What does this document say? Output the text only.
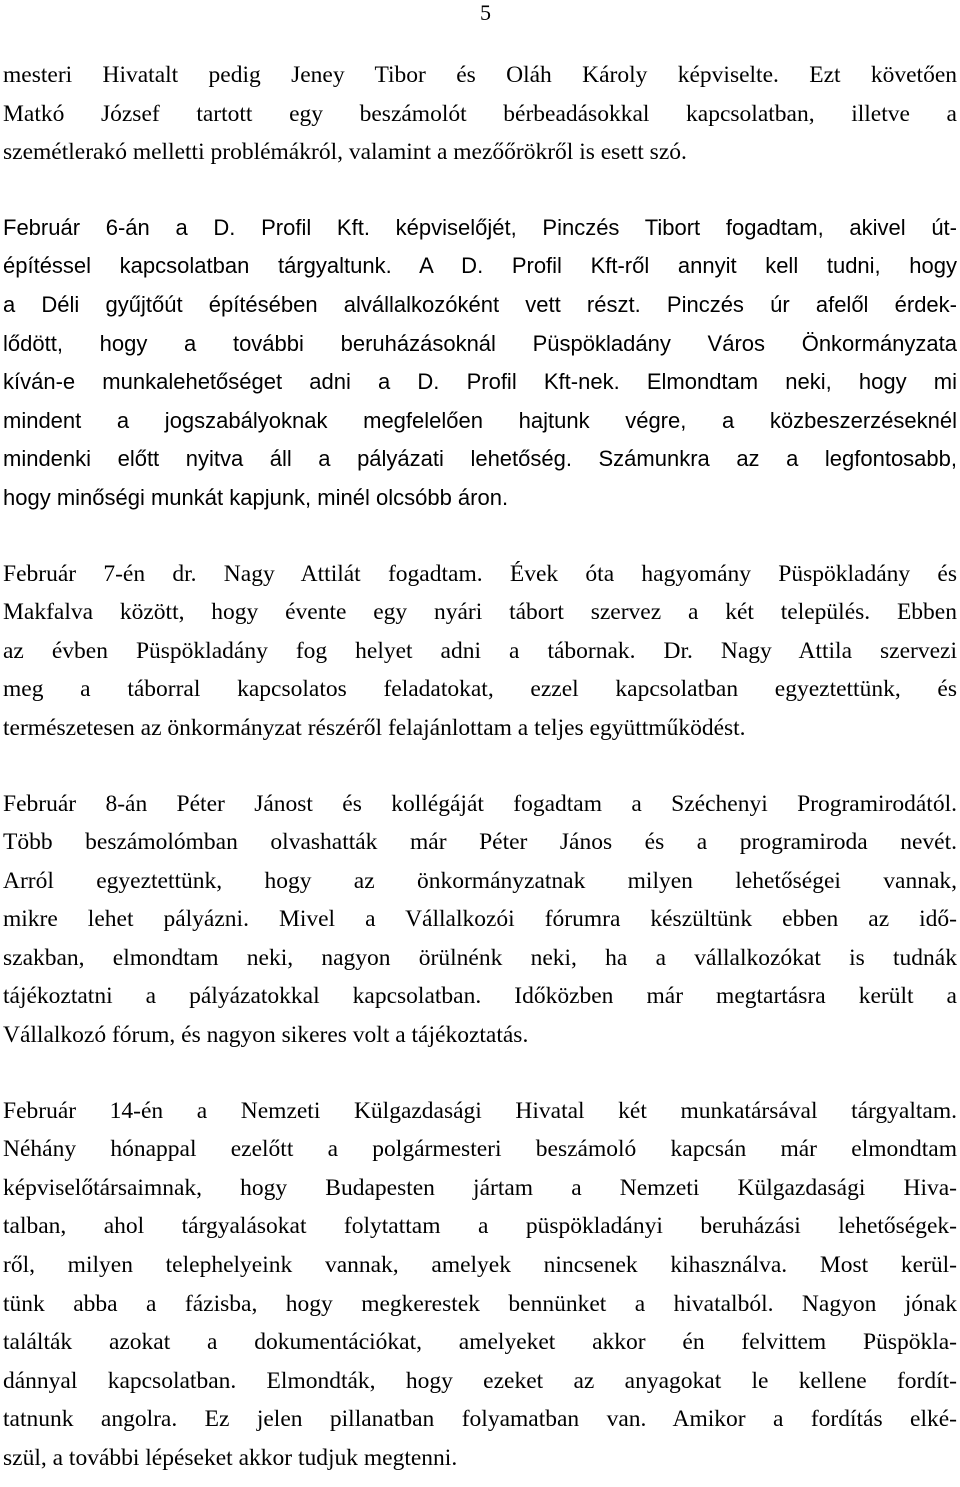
5
mesteri Hivatalt pedig Jeney Tibor és Oláh Károly képviselte. Ezt követően
Matkó József tartott egy beszámolót bérbeadásokkal kapcsolatban, illetve a
szemétlerakó melletti problémákról, valamint a mezőőrökről is esett szó.
Február 6-án a D. Profil Kft. képviselőjét, Pinczés Tibort fogadtam, akivel út-
építéssel kapcsolatban tárgyaltunk. A D. Profil Kft-ről annyit kell tudni, hogy
a Déli gyűjtőút építésében alvállalkozóként vett részt. Pinczés úr afelől érdek-
lődött, hogy a további beruházásoknál Püspökladány Város Önkormányzata
kíván-e munkalehetőséget adni a D. Profil Kft-nek. Elmondtam neki, hogy mi
mindent a jogszabályoknak megfelelően hajtunk végre, a közbeszerzéseknél
mindenki előtt nyitva áll a pályázati lehetőség. Számunkra az a legfontosabb,
hogy minőségi munkát kapjunk, minél olcsóbb áron.
Február 7-én dr. Nagy Attilát fogadtam. Évek óta hagyomány Püspökladány és
Makfalva között, hogy évente egy nyári tábort szervez a két település. Ebben
az évben Püspökladány fog helyet adni a tábornak. Dr. Nagy Attila szervezi
meg a táborral kapcsolatos feladatokat, ezzel kapcsolatban egyeztettünk, és
természetesen az önkormányzat részéről felajánlottam a teljes együttműködést.
Február 8-án Péter Jánost és kollégáját fogadtam a Széchenyi Programirodától.
Több beszámolómban olvashatták már Péter János és a programiroda nevét.
Arról egyeztettünk, hogy az önkormányzatnak milyen lehetőségei vannak,
mikre lehet pályázni. Mivel a Vállalkozói fórumra készültünk ebben az idő-
szakban, elmondtam neki, nagyon örülnénk neki, ha a vállalkozókat is tudnák
tájékoztatni a pályázatokkal kapcsolatban. Időközben már megtartásra került a
Vállalkozó fórum, és nagyon sikeres volt a tájékoztatás.
Február 14-én a Nemzeti Külgazdasági Hivatal két munkatársával tárgyaltam.
Néhány hónappal ezelőtt a polgármesteri beszámoló kapcsán már elmondtam
képviselőtársaimnak, hogy Budapesten jártam a Nemzeti Külgazdasági Hiva-
talban, ahol tárgyalásokat folytattam a püspökladányi beruházási lehetőségek-
ről, milyen telephelyeink vannak, amelyek nincsenek kihasználva. Most kerül-
tünk abba a fázisba, hogy megkerestek bennünket a hivatalból. Nagyon jónak
találták azokat a dokumentációkat, amelyeket akkor én felvittem Püspökla-
dánnyal kapcsolatban. Elmondták, hogy ezeket az anyagokat le kellene fordít-
tatnunk angolra. Ez jelen pillanatban folyamatban van. Amikor a fordítás elké-
szül, a további lépéseket akkor tudjuk megtenni.
